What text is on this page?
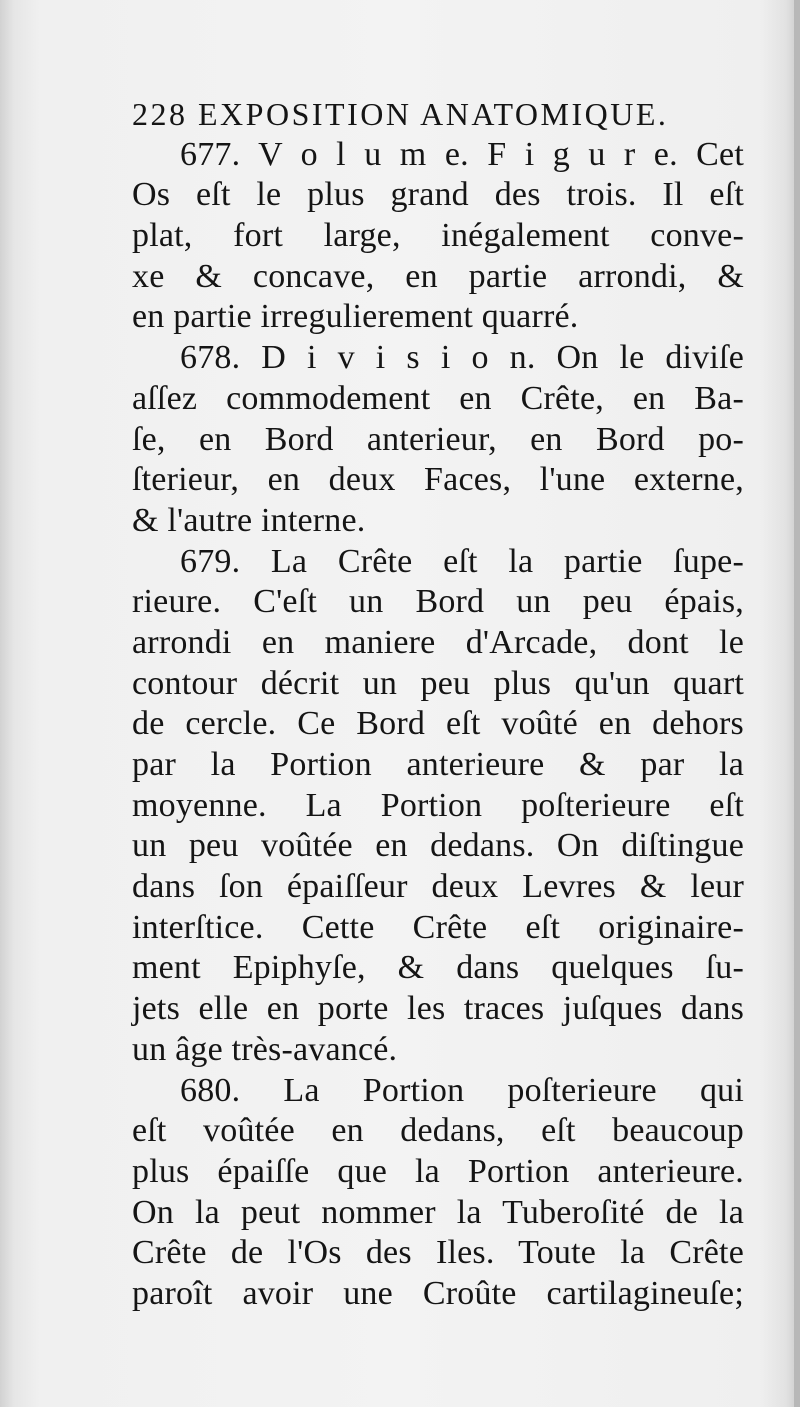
228 EXPOSITION ANATOMIQUE.
677. V o l u m e. F i g u r e. Cet
Os eſt le plus grand des trois. Il eſt
plat, fort large, inégalement conve-
xe & concave, en partie arrondi, &
en partie irregulierement quarré.
678. D i v i s i o n. On le diviſe
aſſez commodement en Crête, en Ba-
ſe, en Bord anterieur, en Bord po-
ſterieur, en deux Faces, l'une externe,
& l'autre interne.
679. La Crête eſt la partie ſupe-
rieure. C'eſt un Bord un peu épais,
arrondi en maniere d'Arcade, dont le
contour décrit un peu plus qu'un quart
de cercle. Ce Bord eſt voûté en dehors
par la Portion anterieure & par la
moyenne. La Portion poſterieure eſt
un peu voûtée en dedans. On diſtingue
dans ſon épaiſſeur deux Levres & leur
interſtice. Cette Crête eſt originaire-
ment Epiphyſe, & dans quelques ſu-
jets elle en porte les traces juſques dans
un âge très-avancé.
680. La Portion poſterieure qui
eſt voûtée en dedans, eſt beaucoup
plus épaiſſe que la Portion anterieure.
On la peut nommer la Tuberoſité de la
Crête de l'Os des Iles. Toute la Crête
paroît avoir une Croûte cartilagineuſe;
